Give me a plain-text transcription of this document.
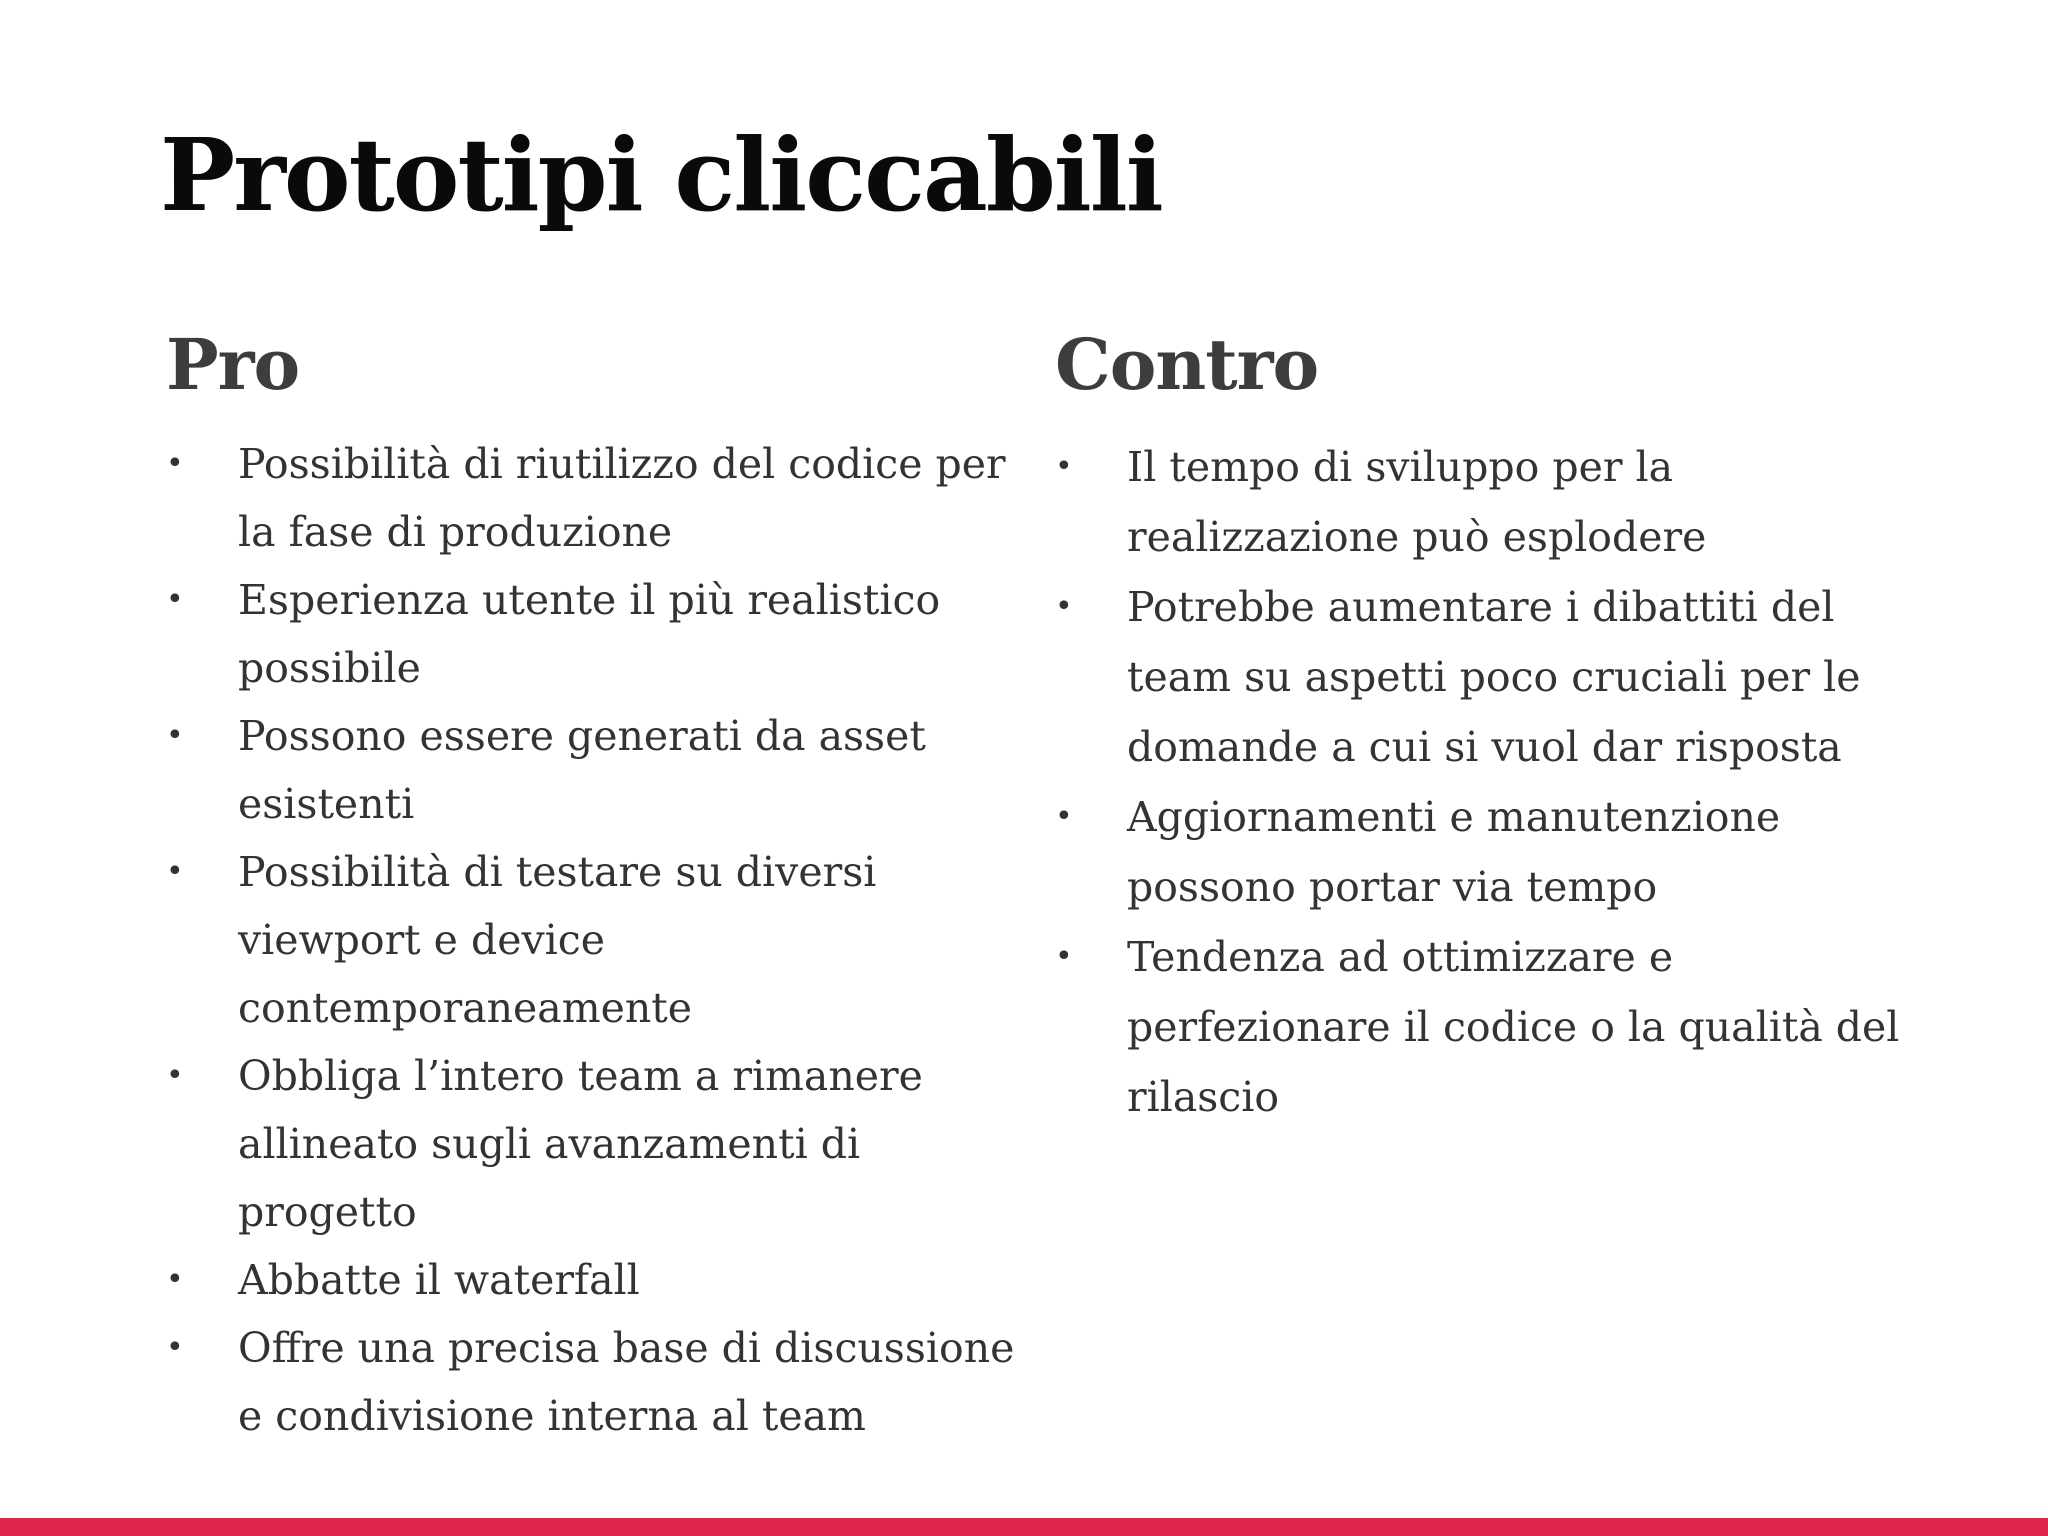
Prototipi cliccabili
Pro
• Possibilità di riutilizzo del codice per la fase di produzione
• Esperienza utente il più realistico possibile
• Possono essere generati da asset esistenti
• Possibilità di testare su diversi viewport e device contemporaneamente
• Obbliga l’intero team a rimanere allineato sugli avanzamenti di progetto
• Abbatte il waterfall
• Offre una precisa base di discussione e condivisione interna al team
Contro
• Il tempo di sviluppo per la realizzazione può esplodere
• Potrebbe aumentare i dibattiti del team su aspetti poco cruciali per le domande a cui si vuol dar risposta
• Aggiornamenti e manutenzione possono portar via tempo
• Tendenza ad ottimizzare e perfezionare il codice o la qualità del rilascio
